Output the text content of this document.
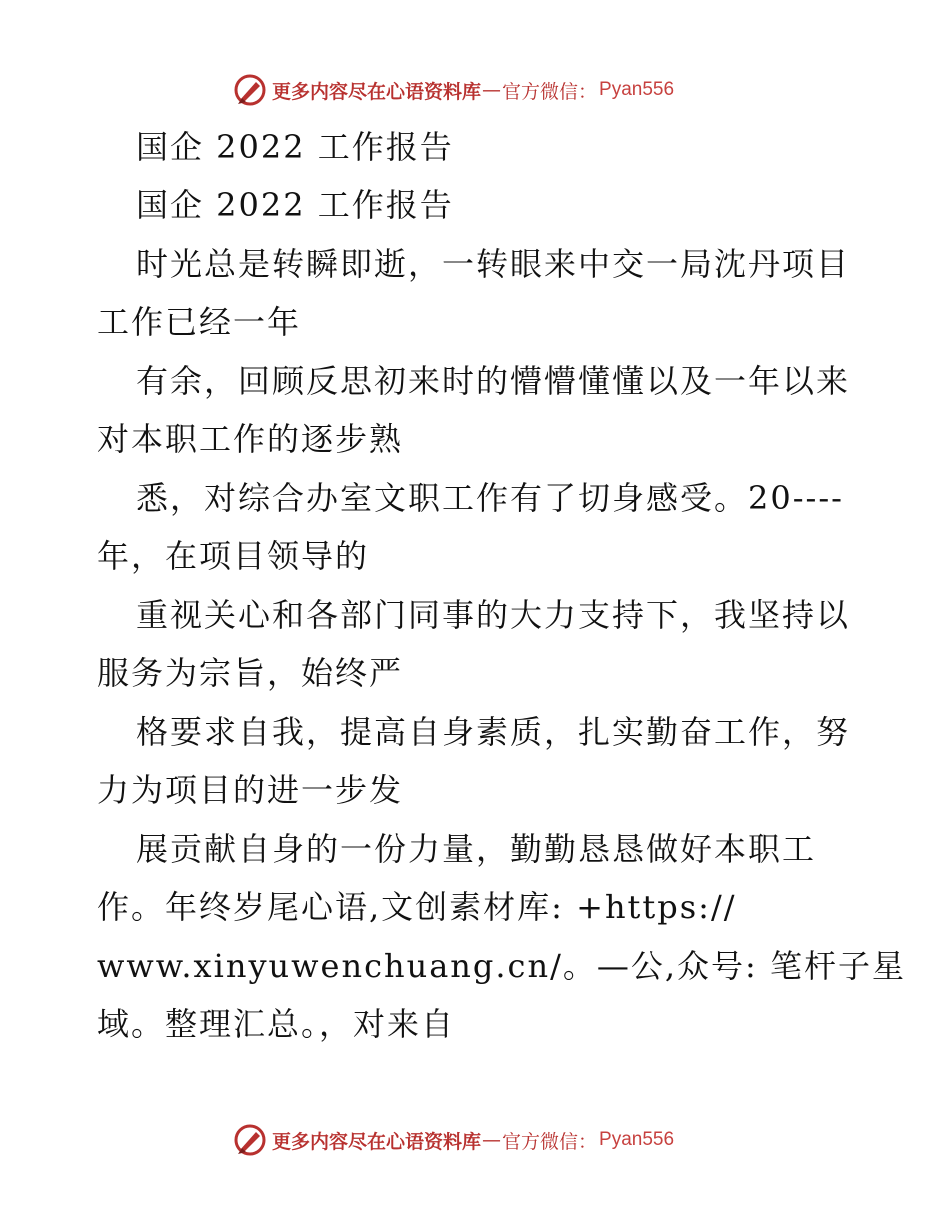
更多内容尽在心语资料库 — 官方微信： Pyan556
国企 2022 工作报告
国企 2022 工作报告
时光总是转瞬即逝，一转眼来中交一局沈丹项目
工作已经一年
有余，回顾反思初来时的懵懵懂懂以及一年以来
对本职工作的逐步熟
悉，对综合办室文职工作有了切身感受。20----
年，在项目领导的
重视关心和各部门同事的大力支持下，我坚持以
服务为宗旨，始终严
格要求自我，提高自身素质，扎实勤奋工作，努
力为项目的进一步发
展贡献自身的一份力量，勤勤恳恳做好本职工
作。年终岁尾心语,文创素材库: +https://
www.xinyuwenchuang.cn/。—公,众号: 笔杆子星
域。整理汇总。，对来自
更多内容尽在心语资料库 — 官方微信： Pyan556
